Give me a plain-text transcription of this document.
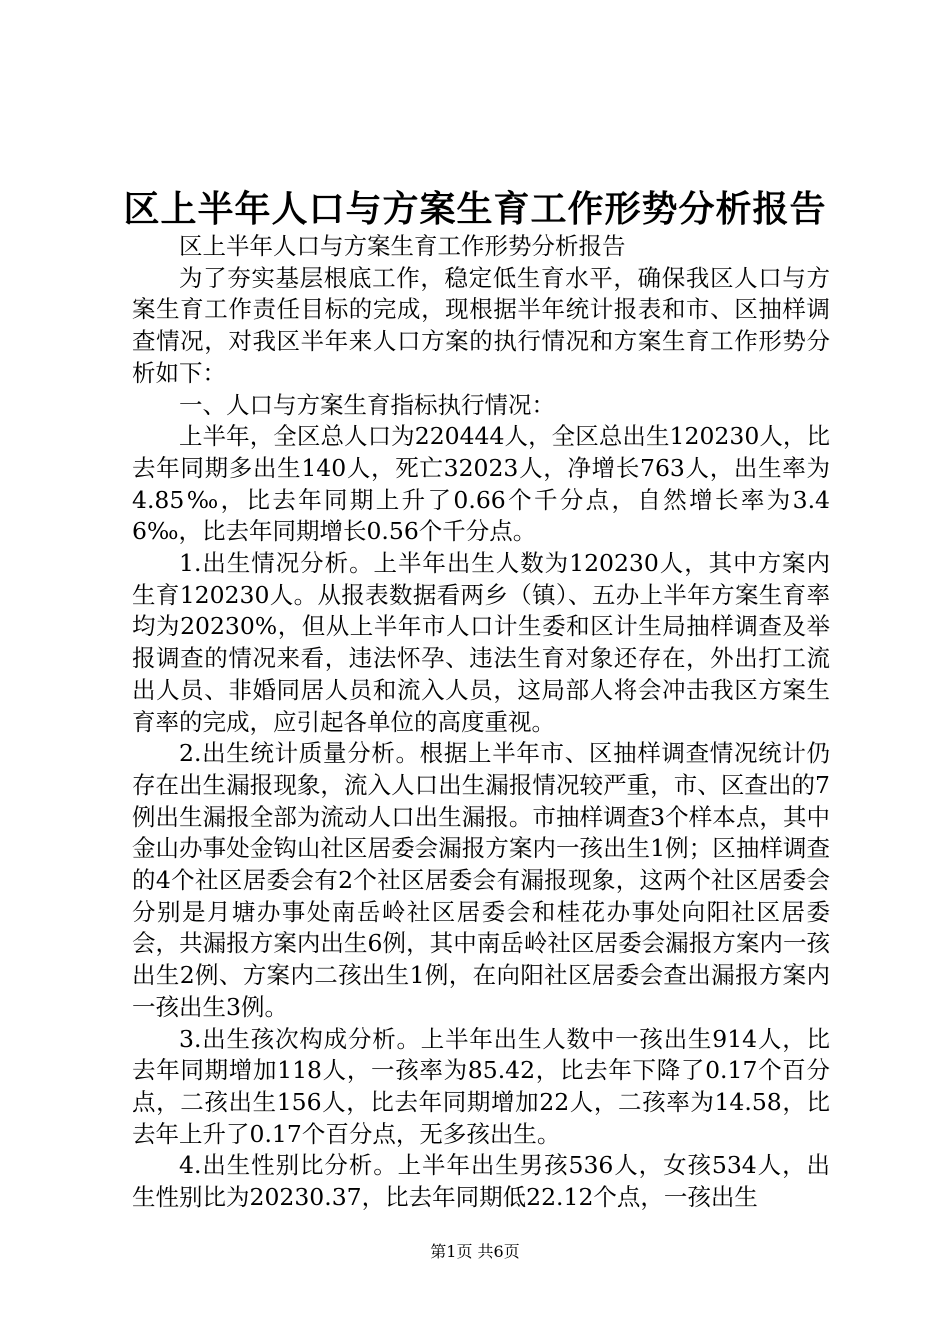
区上半年人口与方案生育工作形势分析报告

区上半年人口与方案生育工作形势分析报告

为了夯实基层根底工作，稳定低生育水平，确保我区人口与方案生育工作责任目标的完成，现根据半年统计报表和市、区抽样调查情况，对我区半年来人口方案的执行情况和方案生育工作形势分析如下：

一、人口与方案生育指标执行情况：

上半年，全区总人口为220444人，全区总出生120230人，比去年同期多出生140人，死亡32023人，净增长763人，出生率为4.85‰，比去年同期上升了0.66个千分点，自然增长率为3.46‰，比去年同期增长0.56个千分点。

1.出生情况分析。上半年出生人数为120230人，其中方案内生育120230人。从报表数据看两乡（镇）、五办上半年方案生育率均为20230%，但从上半年市人口计生委和区计生局抽样调查及举报调查的情况来看，违法怀孕、违法生育对象还存在，外出打工流出人员、非婚同居人员和流入人员，这局部人将会冲击我区方案生育率的完成，应引起各单位的高度重视。

2.出生统计质量分析。根据上半年市、区抽样调查情况统计仍存在出生漏报现象，流入人口出生漏报情况较严重，市、区查出的7例出生漏报全部为流动人口出生漏报。市抽样调查3个样本点，其中金山办事处金钩山社区居委会漏报方案内一孩出生1例；区抽样调查的4个社区居委会有2个社区居委会有漏报现象，这两个社区居委会分别是月塘办事处南岳岭社区居委会和桂花办事处向阳社区居委会，共漏报方案内出生6例，其中南岳岭社区居委会漏报方案内一孩出生2例、方案内二孩出生1例，在向阳社区居委会查出漏报方案内一孩出生3例。

3.出生孩次构成分析。上半年出生人数中一孩出生914人，比去年同期增加118人，一孩率为85.42，比去年下降了0.17个百分点，二孩出生156人，比去年同期增加22人，二孩率为14.58，比去年上升了0.17个百分点，无多孩出生。

4.出生性别比分析。上半年出生男孩536人，女孩534人，出生性别比为20230.37，比去年同期低22.12个点，一孩出生

第1页 共6页
